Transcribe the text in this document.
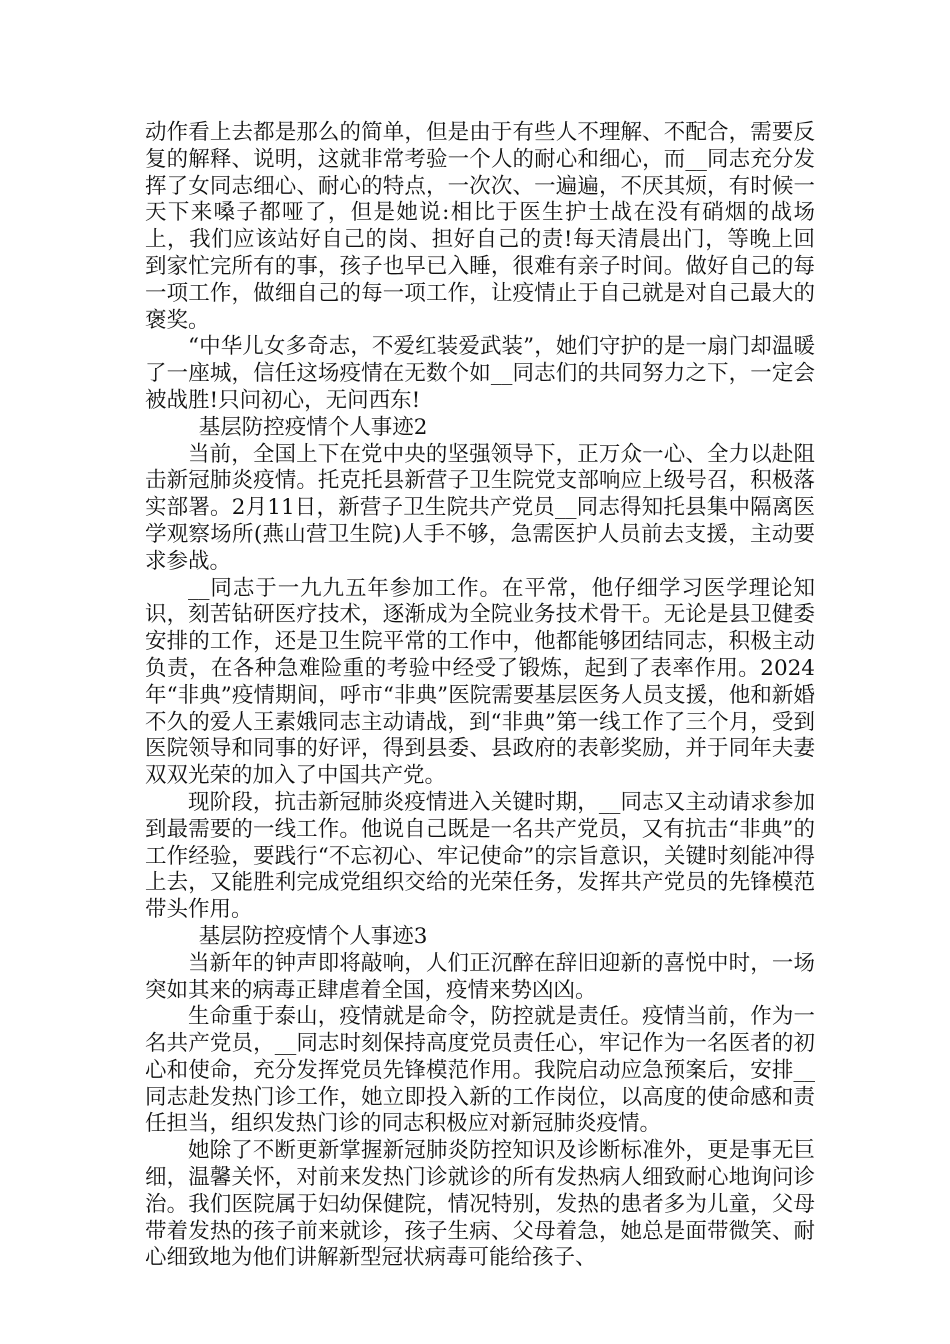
动作看上去都是那么的简单，但是由于有些人不理解、不配合，需要反复的解释、说明，这就非常考验一个人的耐心和细心，而__同志充分发挥了女同志细心、耐心的特点，一次次、一遍遍，不厌其烦，有时候一天下来嗓子都哑了，但是她说:相比于医生护士战在没有硝烟的战场上，我们应该站好自己的岗、担好自己的责!每天清晨出门，等晚上回到家忙完所有的事，孩子也早已入睡，很难有亲子时间。做好自己的每一项工作，做细自己的每一项工作，让疫情止于自己就是对自己最大的褒奖。

“中华儿女多奇志，不爱红装爱武装”，她们守护的是一扇门却温暖了一座城，信任这场疫情在无数个如__同志们的共同努力之下，一定会被战胜!只问初心，无问西东!

基层防控疫情个人事迹2

当前，全国上下在党中央的坚强领导下，正万众一心、全力以赴阻击新冠肺炎疫情。托克托县新营子卫生院党支部响应上级号召，积极落实部署。2月11日，新营子卫生院共产党员__同志得知托县集中隔离医学观察场所(燕山营卫生院)人手不够，急需医护人员前去支援，主动要求参战。

__同志于一九九五年参加工作。在平常，他仔细学习医学理论知识，刻苦钻研医疗技术，逐渐成为全院业务技术骨干。无论是县卫健委安排的工作，还是卫生院平常的工作中，他都能够团结同志，积极主动负责，在各种急难险重的考验中经受了锻炼，起到了表率作用。2024年“非典”疫情期间，呼市“非典”医院需要基层医务人员支援，他和新婚不久的爱人王素娥同志主动请战，到“非典”第一线工作了三个月，受到医院领导和同事的好评，得到县委、县政府的表彰奖励，并于同年夫妻双双光荣的加入了中国共产党。

现阶段，抗击新冠肺炎疫情进入关键时期，__同志又主动请求参加到最需要的一线工作。他说自己既是一名共产党员，又有抗击“非典”的工作经验，要践行“不忘初心、牢记使命”的宗旨意识，关键时刻能冲得上去，又能胜利完成党组织交给的光荣任务，发挥共产党员的先锋模范带头作用。

基层防控疫情个人事迹3

当新年的钟声即将敲响，人们正沉醉在辞旧迎新的喜悦中时，一场突如其来的病毒正肆虐着全国，疫情来势凶凶。

生命重于泰山，疫情就是命令，防控就是责任。疫情当前，作为一名共产党员，__同志时刻保持高度党员责任心，牢记作为一名医者的初心和使命，充分发挥党员先锋模范作用。我院启动应急预案后，安排__同志赴发热门诊工作，她立即投入新的工作岗位，以高度的使命感和责任担当，组织发热门诊的同志积极应对新冠肺炎疫情。

她除了不断更新掌握新冠肺炎防控知识及诊断标准外，更是事无巨细，温馨关怀，对前来发热门诊就诊的所有发热病人细致耐心地询问诊治。我们医院属于妇幼保健院，情况特别，发热的患者多为儿童，父母带着发热的孩子前来就诊，孩子生病、父母着急，她总是面带微笑、耐心细致地为他们讲解新型冠状病毒可能给孩子、
